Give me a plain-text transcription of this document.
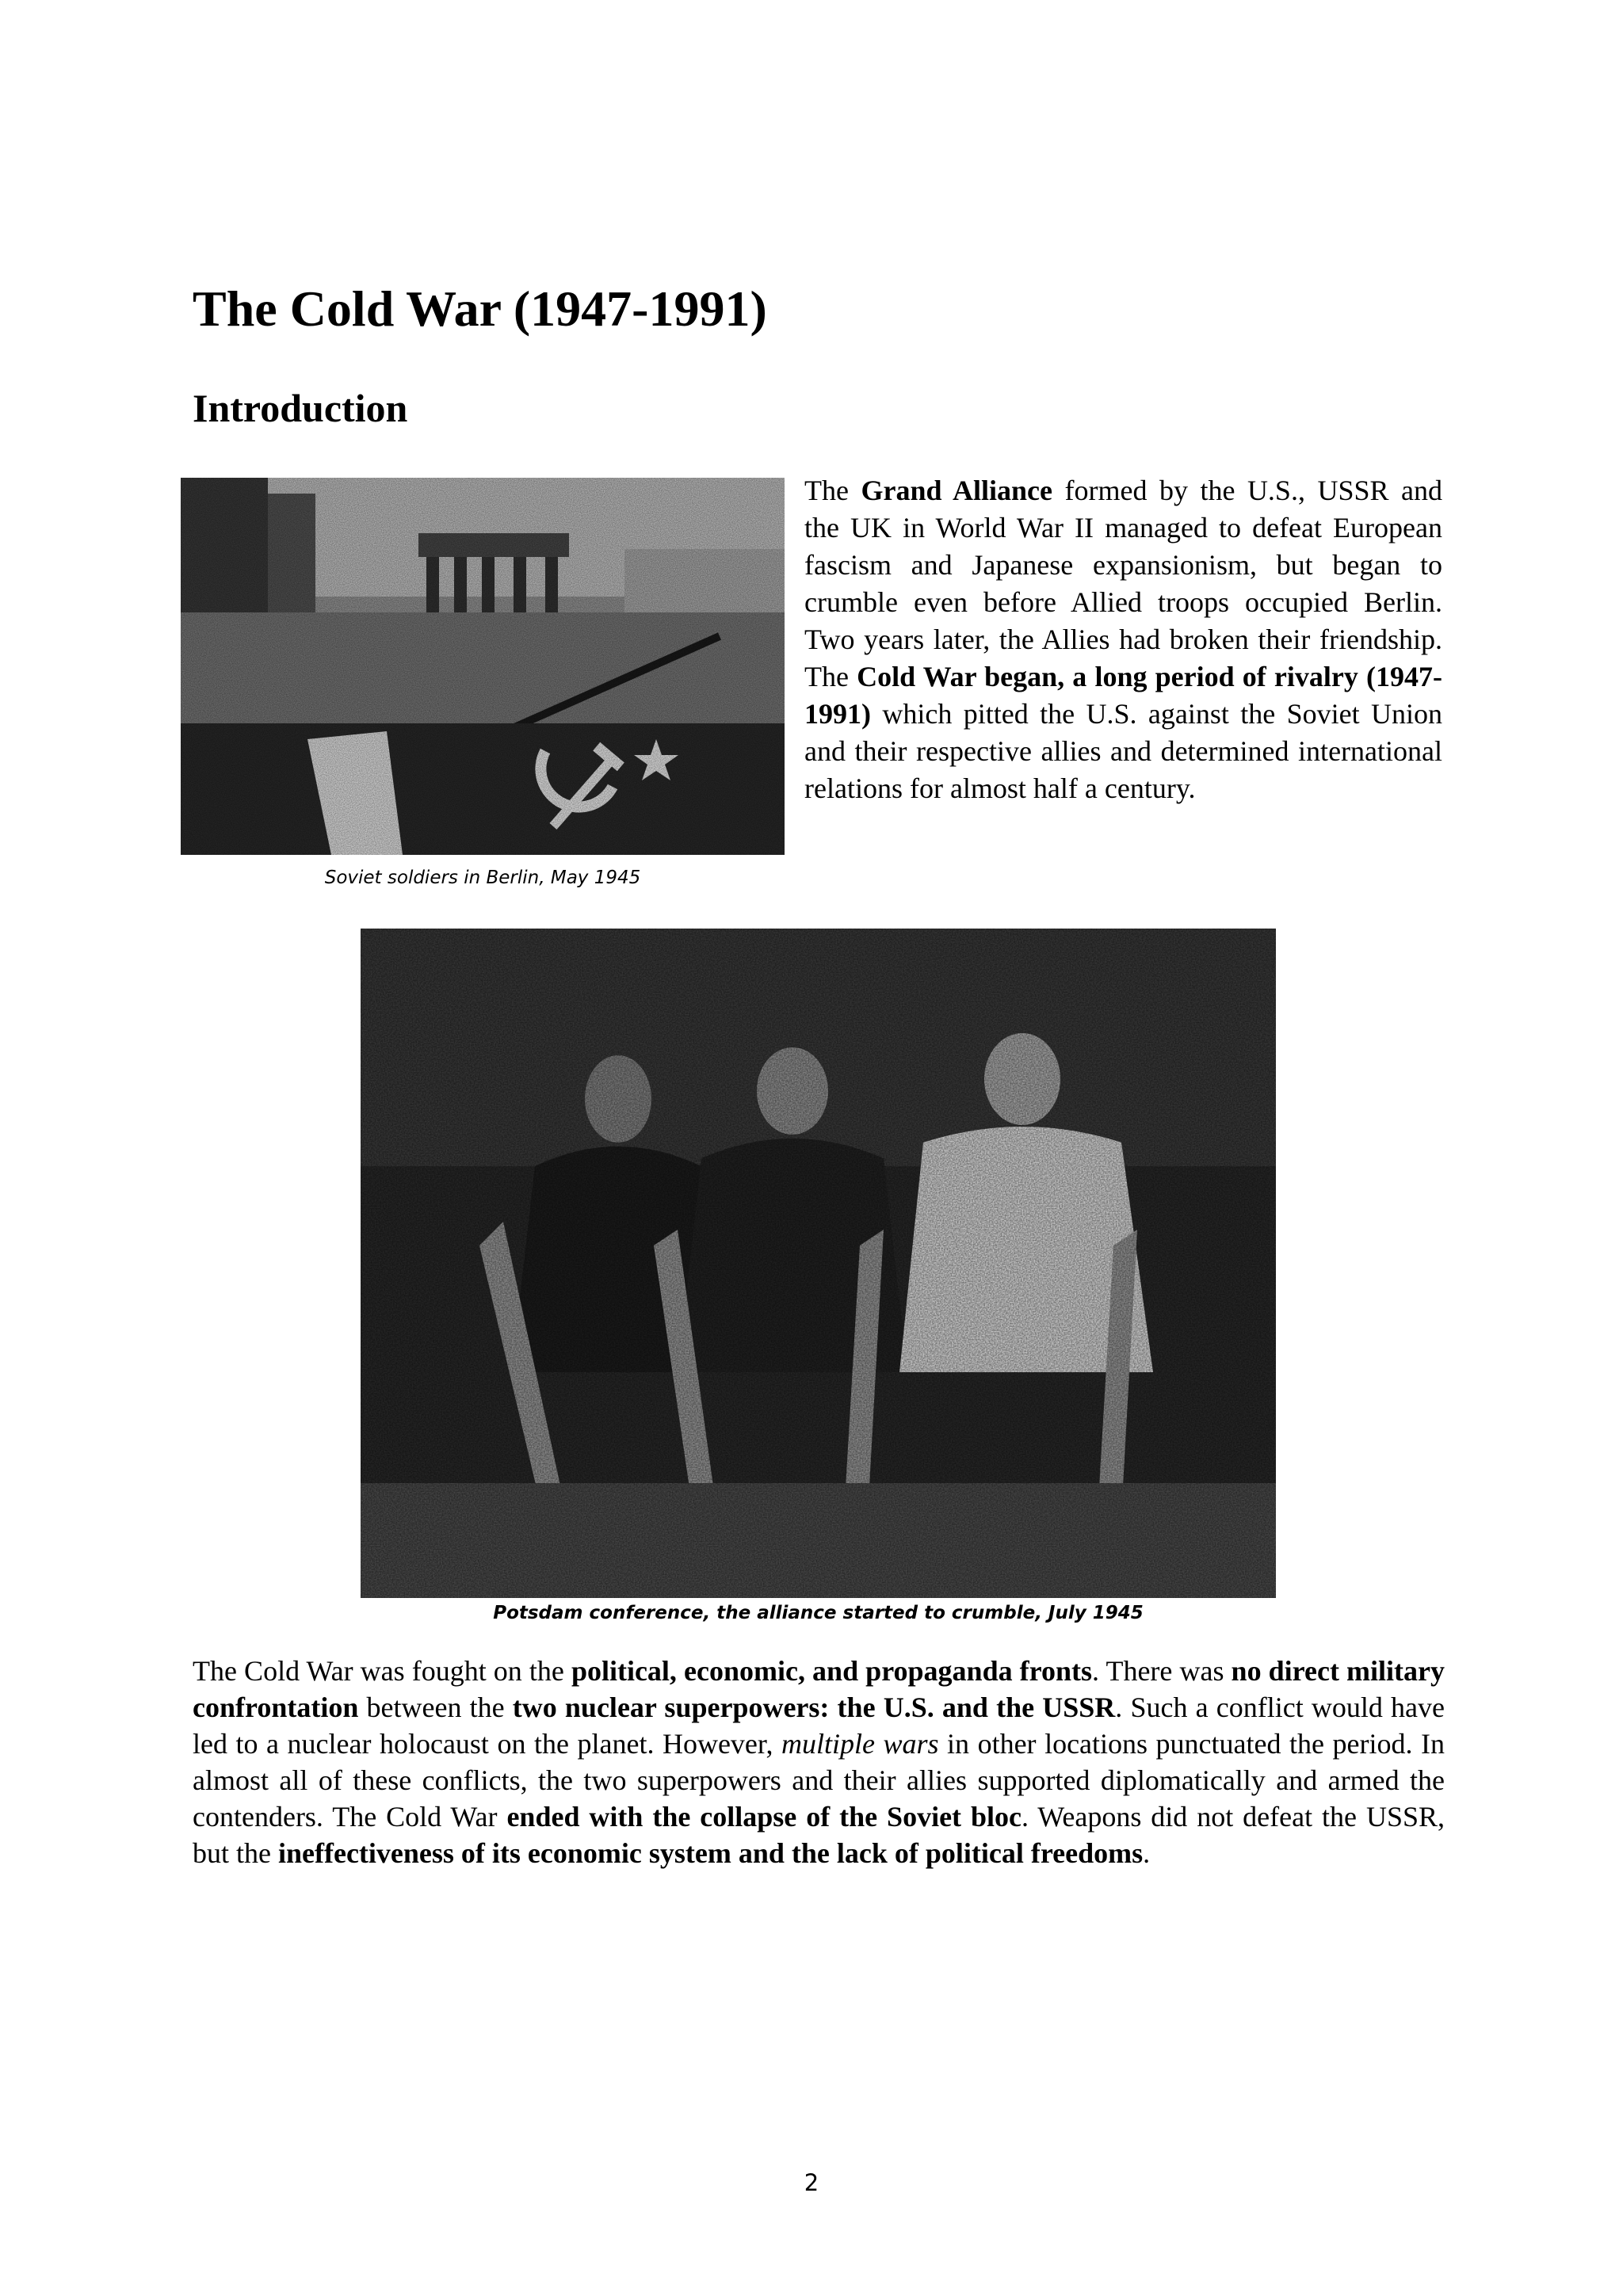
The Cold War (1947-1991)
Introduction
Soviet soldiers in Berlin, May 1945

The Grand Alliance formed by the U.S., USSR and the UK in World War II managed to defeat European fascism and Japanese expansionism, but began to crumble even before Allied troops occupied Berlin. Two years later, the Allies had broken their friendship. The Cold War began, a long period of rivalry (1947-1991) which pitted the U.S. against the Soviet Union and their respective allies and determined international relations for almost half a century.

Potsdam conference, the alliance started to crumble, July 1945

The Cold War was fought on the political, economic, and propaganda fronts. There was no direct military confrontation between the two nuclear superpowers: the U.S. and the USSR. Such a conflict would have led to a nuclear holocaust on the planet. However, multiple wars in other locations punctuated the period. In almost all of these conflicts, the two superpowers and their allies supported diplomatically and armed the contenders. The Cold War ended with the collapse of the Soviet bloc. Weapons did not defeat the USSR, but the ineffectiveness of its economic system and the lack of political freedoms.

2
